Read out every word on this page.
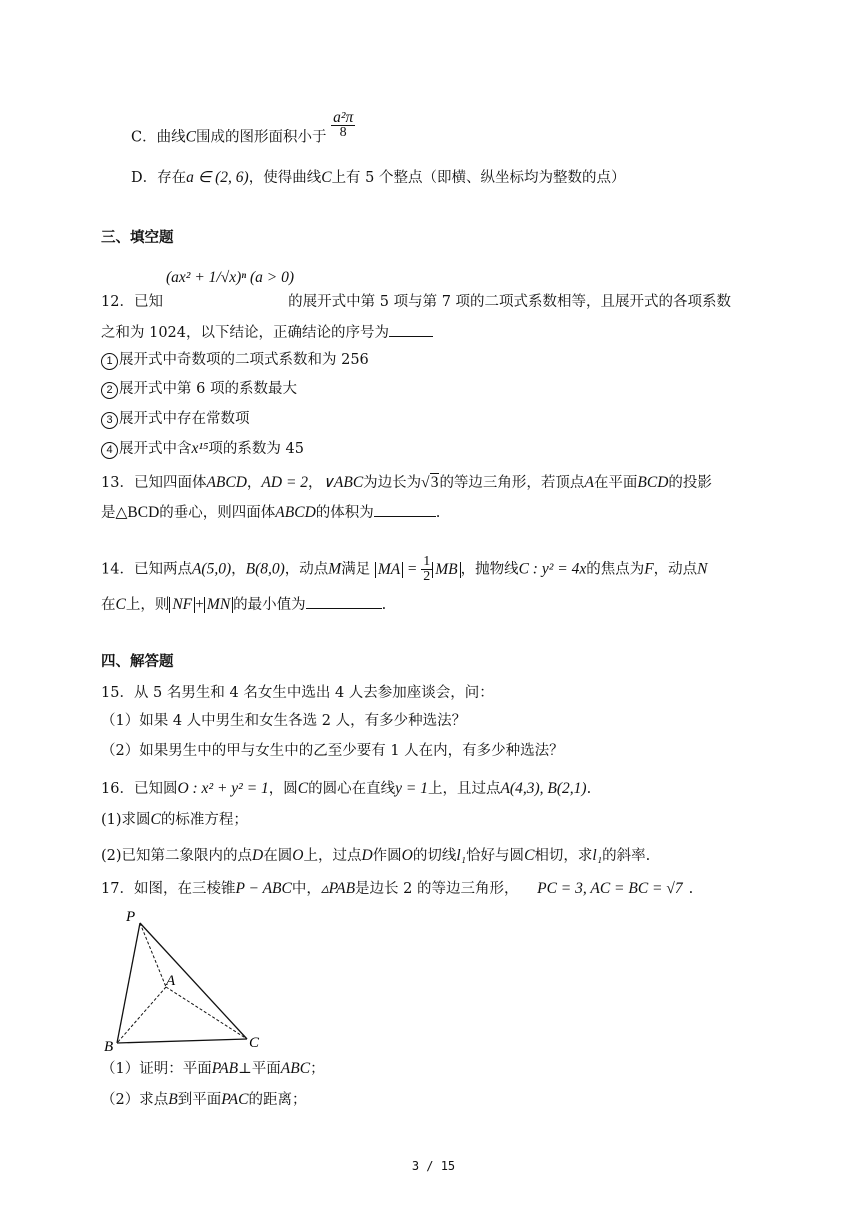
C．曲线C围成的图形面积小于 $\frac{\text{a²π}}{8}$
D．存在a ∈ (2, 6)，使得曲线C上有 5 个整点（即横、纵坐标均为整数的点）
三、填空题
(ax² + 1/√x)ⁿ (a > 0)
12．已知	的展开式中第 5 项与第 7 项的二项式系数相等，且展开式的各项系数
之和为 1024，以下结论，正确结论的序号为
1 展开式中奇数项的二项式系数和为 256
2 展开式中第 6 项的系数最大
3 展开式中存在常数项
4 展开式中含x¹⁵项的系数为 45
13．已知四面体ABCD，AD = 2，∨ABC为边长为√3的等边三角形，若顶点A在平面BCD的投影
是△BCD的垂心，则四面体ABCD的体积为	.
14．已知两点A(5,0)，B(8,0)，动点M满足 MA = $\frac{1}{2}$ MB ，抛物线C : y² = 4x的焦点为F，动点N
在C上，则 NF + MN 的最小值为	.
四、解答题
15．从 5 名男生和 4 名女生中选出 4 人去参加座谈会，问：
（1）如果 4 人中男生和女生各选 2 人，有多少种选法？
（2）如果男生中的甲与女生中的乙至少要有 1 人在内，有多少种选法？
16．已知圆O : x² + y² = 1，圆C的圆心在直线y = 1上，且过点A(4,3), B(2,1).
(1)求圆C的标准方程；
(2)已知第二象限内的点D在圆O上，过点D作圆O的切线l₁恰好与圆C相切，求l₁的斜率.
17．如图，在三棱锥P − ABC中，▵PAB是边长 2 的等边三角形， PC = 3, AC = BC = √7 .
P
A
B	C
（1）证明：平面PAB⊥平面ABC；
（2）求点B到平面PAC的距离；
3 / 15
